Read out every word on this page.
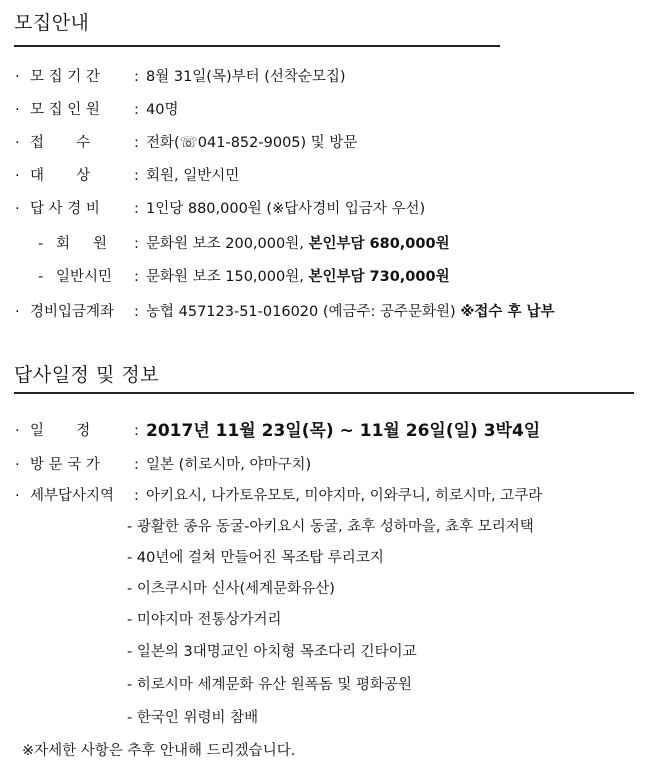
모집안내
· 모 집 기 간 : 8월 31일(목)부터 (선착순모집)
· 모 집 인 원 : 40명
· 접       수	: 전화(☏041-852-9005) 및 방문
· 대       상	: 회원, 일반시민
· 답 사 경 비 : 1인당 880,000원 (※답사경비 입금자 우선)
- 회     원 : 문화원 보조 200,000원, 본인부담 680,000원
- 일반시민 : 문화원 보조 150,000원, 본인부담 730,000원
· 경비입금계좌 : 농협 457123-51-016020 (예금주: 공주문화원) ※접수 후 납부
답사일정 및 정보
· 일       정	: 2017년 11월 23일(목) ~ 11월 26일(일) 3박4일
· 방 문 국 가 : 일본 (히로시마, 야마구치)
· 세부답사지역 : 아키요시, 나가토유모토, 미야지마, 이와쿠니, 히로시마, 고쿠라
- 광활한 종유 동굴-아키요시 동굴, 쵸후 성하마을, 쵸후 모리저택
- 40년에 걸쳐 만들어진 목조탑 루리코지
- 이츠쿠시마 신사(세계문화유산)
- 미야지마 전통상가거리
- 일본의 3대명교인 아치형 목조다리 긴타이교
- 히로시마 세계문화 유산 원폭돔 및 평화공원
- 한국인 위령비 참배
※자세한 사항은 추후 안내해 드리겠습니다.
